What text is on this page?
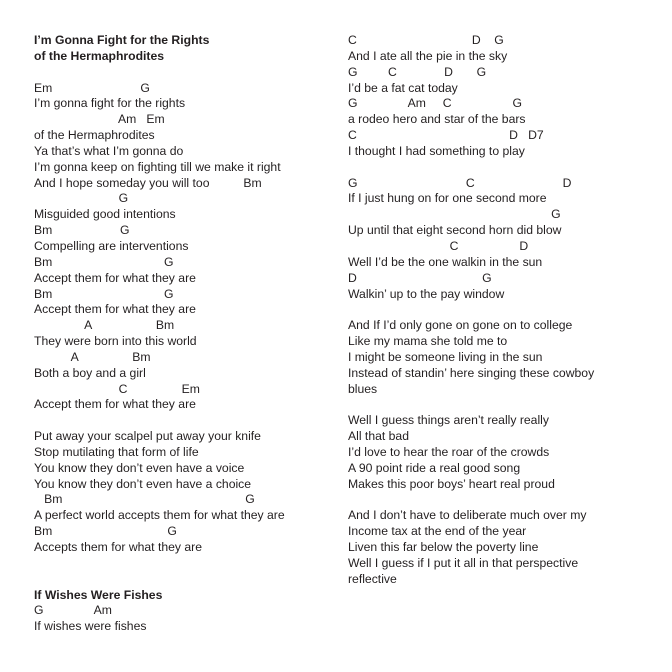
I’m Gonna Fight for the Rights
of the Hermaphrodites
Em                          G
I’m gonna fight for the rights
Am   Em
of the Hermaphrodites
Ya that’s what I’m gonna do
I’m gonna keep on fighting till we make it right
And I hope someday you will too          Bm
G
Misguided good intentions
Bm                    G
Compelling are interventions
Bm                                 G
Accept them for what they are
Bm                                 G
Accept them for what they are
A                   Bm
They were born into this world
A                Bm
Both a boy and a girl
C                Em
Accept them for what they are
Put away your scalpel put away your knife
Stop mutilating that form of life
You know they don’t even have a voice
You know they don’t even have a choice
Bm                                                      G
A perfect world accepts them for what they are
Bm                                  G
Accepts them for what they are
If Wishes Were Fishes
G               Am
If wishes were fishes
C                                  D    G
And I ate all the pie in the sky
G         C              D       G
I’d be a fat cat today
G               Am     C                  G
a rodeo hero and star of the bars
C                                             D   D7
I thought I had something to play
G                                C                          D
If I just hung on for one second more
G
Up until that eight second horn did blow
C                  D
Well I’d be the one walkin in the sun
D                                     G
Walkin’ up to the pay window
And If I’d only gone on gone on to college
Like my mama she told me to
I might be someone living in the sun
Instead of standin’ here singing these cowboy
blues
Well I guess things aren’t really really
All that bad
I’d love to hear the roar of the crowds
A 90 point ride a real good song
Makes this poor boys’ heart real proud
And I don’t have to deliberate much over my
Income tax at the end of the year
Liven this far below the poverty line
Well I guess if I put it all in that perspective
reflective
